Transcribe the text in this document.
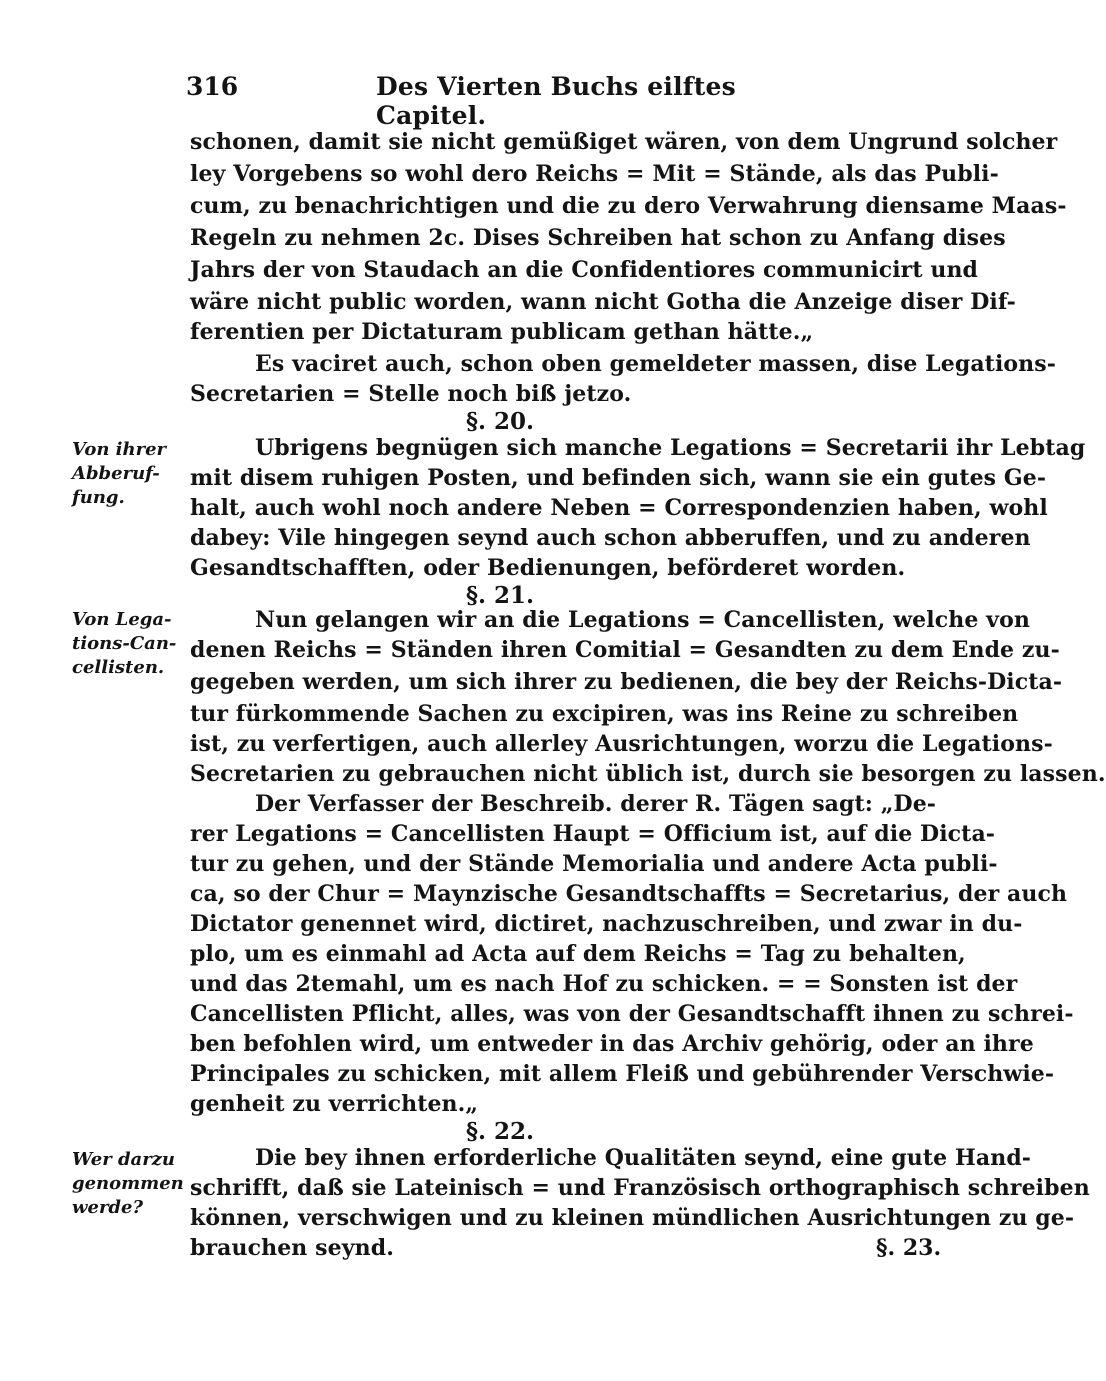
316	Des Vierten Buchs eilftes Capitel.
schonen, damit sie nicht gemüßiget wären, von dem Ungrund solcher
ley Vorgebens so wohl dero Reichs = Mit = Stände, als das Publi-
cum, zu benachrichtigen und die zu dero Verwahrung diensame Maas-
Regeln zu nehmen 2c. Dises Schreiben hat schon zu Anfang dises
Jahrs der von Staudach an die Confidentiores communicirt und
wäre nicht public worden, wann nicht Gotha die Anzeige diser Dif-
ferentien per Dictaturam publicam gethan hätte.„
Es vaciret auch, schon oben gemeldeter massen, dise Legations-
Secretarien = Stelle noch biß jetzo.
§. 20.
Von ihrer
Abberuf-
fung.
Ubrigens begnügen sich manche Legations = Secretarii ihr Lebtag
mit disem ruhigen Posten, und befinden sich, wann sie ein gutes Ge-
halt, auch wohl noch andere Neben = Correspondenzien haben, wohl
dabey: Vile hingegen seynd auch schon abberuffen, und zu anderen
Gesandtschafften, oder Bedienungen, beförderet worden.
§. 21.
Von Lega-
tions-Can-
cellisten.
Nun gelangen wir an die Legations = Cancellisten, welche von
denen Reichs = Ständen ihren Comitial = Gesandten zu dem Ende zu-
gegeben werden, um sich ihrer zu bedienen, die bey der Reichs-Dicta-
tur fürkommende Sachen zu excipiren, was ins Reine zu schreiben
ist, zu verfertigen, auch allerley Ausrichtungen, worzu die Legations-
Secretarien zu gebrauchen nicht üblich ist, durch sie besorgen zu lassen.
Der Verfasser der Beschreib. derer R. Tägen sagt: „De-
rer Legations = Cancellisten Haupt = Officium ist, auf die Dicta-
tur zu gehen, und der Stände Memorialia und andere Acta publi-
ca, so der Chur = Maynzische Gesandtschaffts = Secretarius, der auch
Dictator genennet wird, dictiret, nachzuschreiben, und zwar in du-
plo, um es einmahl ad Acta auf dem Reichs = Tag zu behalten,
und das 2temahl, um es nach Hof zu schicken. = = Sonsten ist der
Cancellisten Pflicht, alles, was von der Gesandtschafft ihnen zu schrei-
ben befohlen wird, um entweder in das Archiv gehörig, oder an ihre
Principales zu schicken, mit allem Fleiß und gebührender Verschwie-
genheit zu verrichten.„
§. 22.
Wer darzu
genommen
werde?
Die bey ihnen erforderliche Qualitäten seynd, eine gute Hand-
schrifft, daß sie Lateinisch = und Französisch orthographisch schreiben
können, verschwigen und zu kleinen mündlichen Ausrichtungen zu ge-
brauchen seynd.	§. 23.
